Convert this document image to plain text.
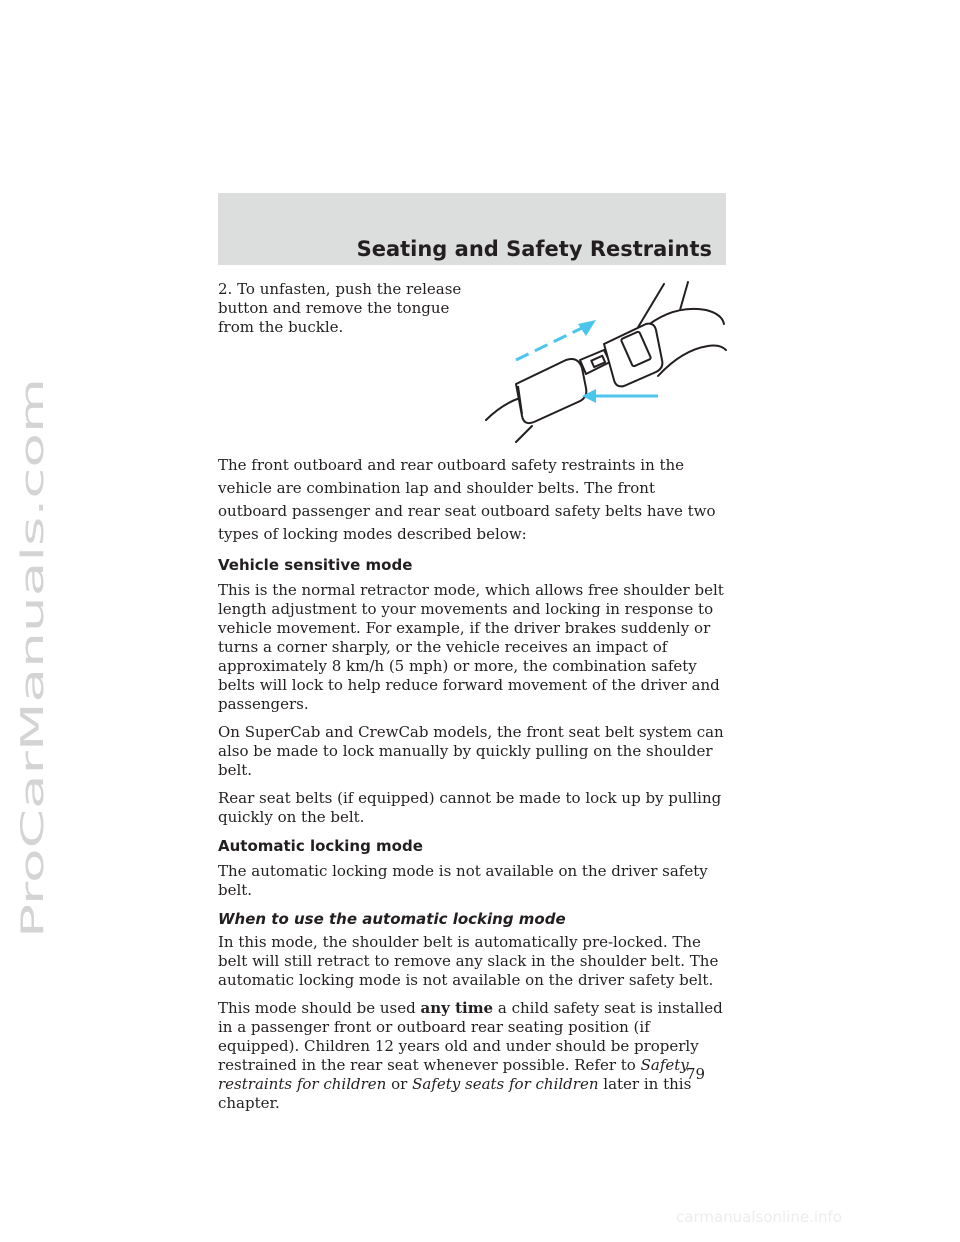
ProCarManuals.com
Seating and Safety Restraints

2. To unfasten, push the release button and remove the tongue from the buckle.

The front outboard and rear outboard safety restraints in the vehicle are combination lap and shoulder belts. The front outboard passenger and rear seat outboard safety belts have two types of locking modes described below:

Vehicle sensitive mode

This is the normal retractor mode, which allows free shoulder belt length adjustment to your movements and locking in response to vehicle movement. For example, if the driver brakes suddenly or turns a corner sharply, or the vehicle receives an impact of approximately 8 km/h (5 mph) or more, the combination safety belts will lock to help reduce forward movement of the driver and passengers.

On SuperCab and CrewCab models, the front seat belt system can also be made to lock manually by quickly pulling on the shoulder belt.

Rear seat belts (if equipped) cannot be made to lock up by pulling quickly on the belt.

Automatic locking mode

The automatic locking mode is not available on the driver safety belt.

When to use the automatic locking mode

In this mode, the shoulder belt is automatically pre-locked. The belt will still retract to remove any slack in the shoulder belt. The automatic locking mode is not available on the driver safety belt.

This mode should be used any time a child safety seat is installed in a passenger front or outboard rear seating position (if equipped). Children 12 years old and under should be properly restrained in the rear seat whenever possible. Refer to Safety restraints for children or Safety seats for children later in this chapter.

79
carmanualsonline.info
